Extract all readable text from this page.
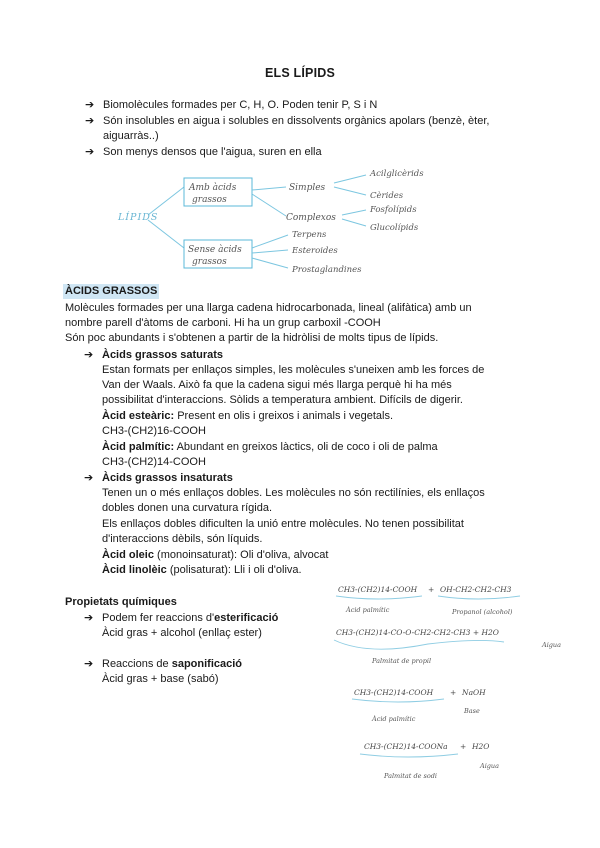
ELS LÍPIDS
➔ Biomolècules formades per C, H, O. Poden tenir P, S i N
➔ Són insolubles en aigua i solubles en dissolvents orgànics apolars (benzè, èter,
aiguarràs..)
➔ Son menys densos que l'aigua, suren en ella
LÍPIDS
Amb àcids
grassos
Sense àcids
grassos
Simples
Complexos
Acilglicèrids
Cèrides
Fosfolípids
Glucolípids
Terpens
Esteroides
Prostaglandines
ÀCIDS GRASSOS
Molècules formades per una llarga cadena hidrocarbonada, lineal (alifàtica) amb un
nombre parell d'àtoms de carboni. Hi ha un grup carboxil -COOH
Són poc abundants i s'obtenen a partir de la hidròlisi de molts tipus de lípids.
➔ Àcids grassos saturats
Estan formats per enllaços simples, les molècules s'uneixen amb les forces de
Van der Waals. Això fa que la cadena sigui més llarga perquè hi ha més
possibilitat d'interaccions. Sòlids a temperatura ambient. Difícils de digerir.
Àcid esteàric: Present en olis i greixos i animals i vegetals.
CH3-(CH2)16-COOH
Àcid palmític: Abundant en greixos làctics, oli de coco i oli de palma
CH3-(CH2)14-COOH
➔ Àcids grassos insaturats
Tenen un o més enllaços dobles. Les molècules no són rectilínies, els enllaços
dobles donen una curvatura rígida.
Els enllaços dobles dificulten la unió entre molècules. No tenen possibilitat
d'interaccions dèbils, són líquids.
Àcid oleic (monoinsaturat): Oli d'oliva, alvocat
Àcid linolèic (polisaturat): Lli i oli d'oliva.
Propietats químiques
➔ Podem fer reaccions d'esterificació
Àcid gras + alcohol (enllaç ester)
➔ Reaccions de saponificació
Àcid gras + base (sabó)
CH3-(CH2)14-COOH + OH-CH2-CH2-CH3
Àcid palmític	Propanol (alcohol)
CH3-(CH2)14-CO-O-CH2-CH2-CH3 + H2O
Palmitat de propil
Aigua
CH3-(CH2)14-COOH + NaOH
Àcid palmític
Base
CH3-(CH2)14-COONa + H2O
Palmitat de sodi
Aigua
